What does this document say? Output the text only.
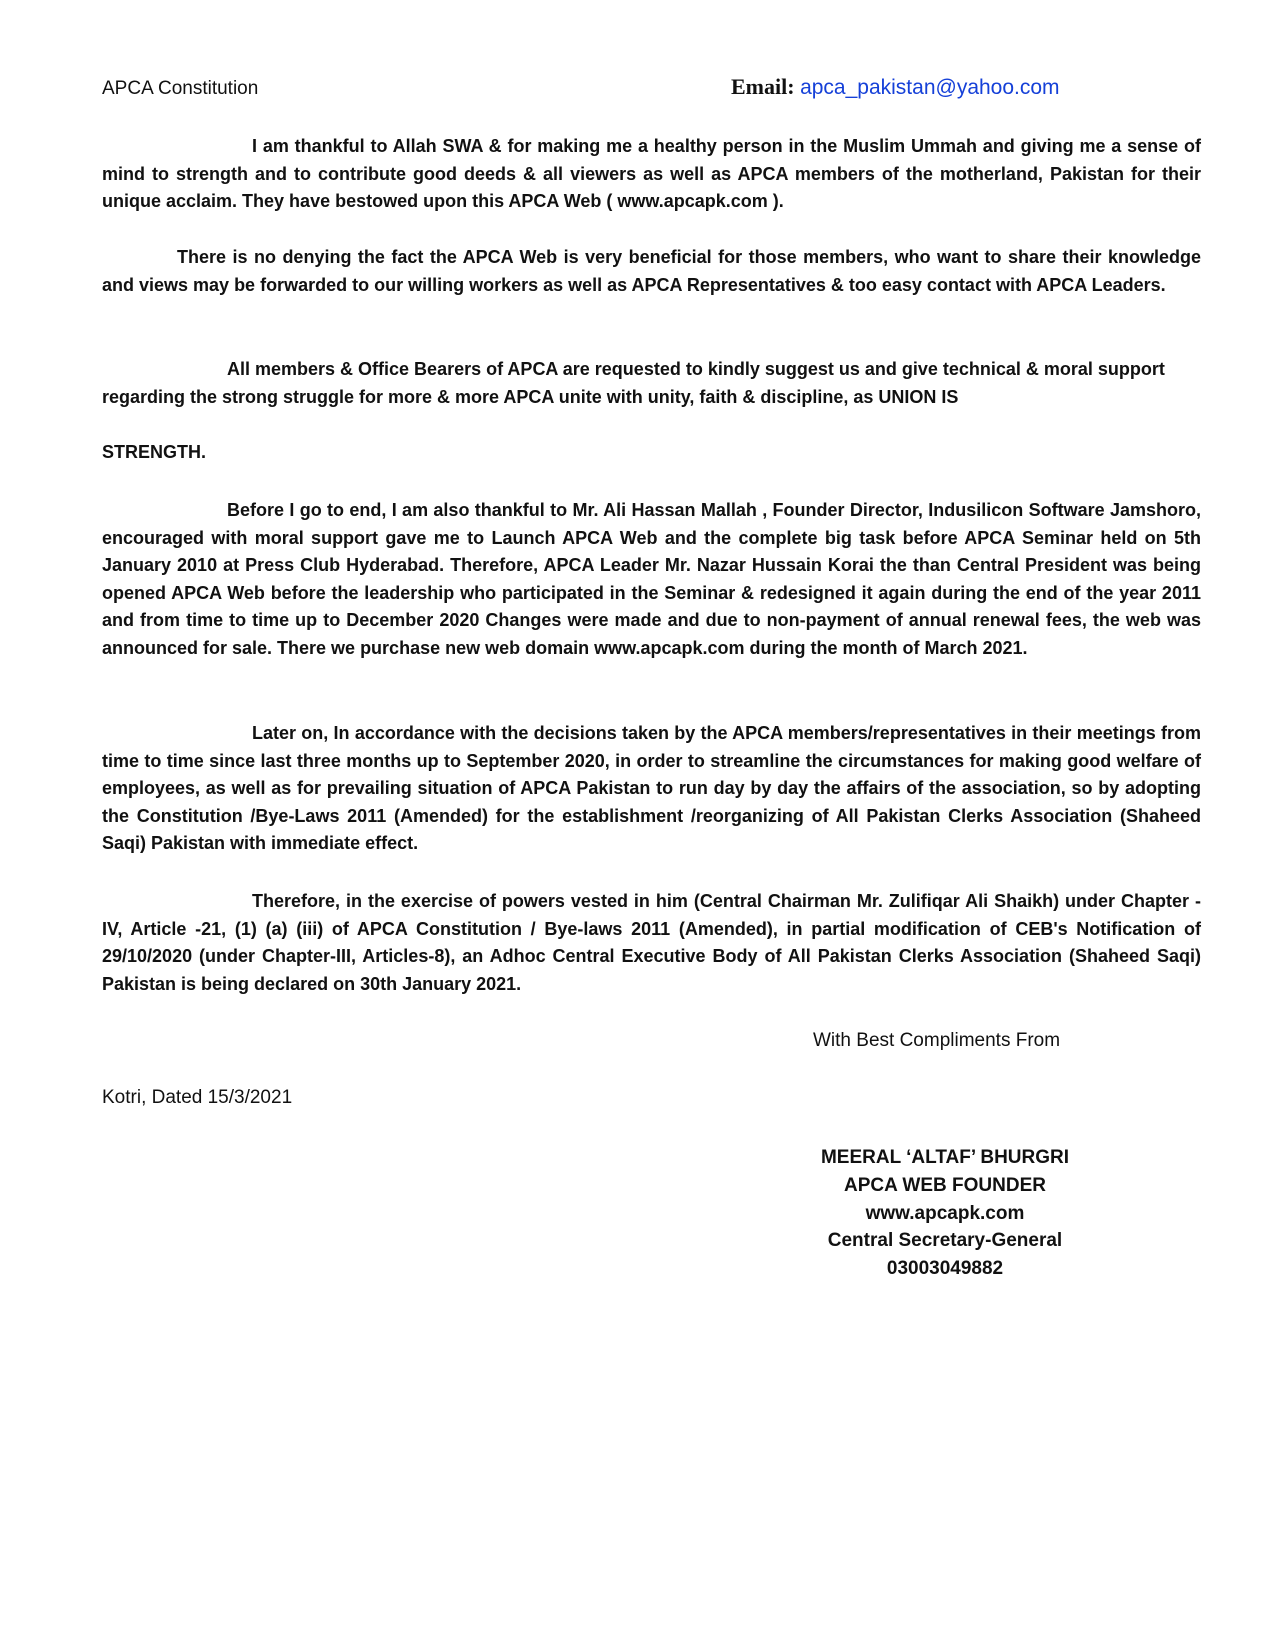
APCA Constitution	Email: apca_pakistan@yahoo.com

I am thankful to Allah SWA & for making me a healthy person in the Muslim Ummah and giving me a sense of mind to strength and to contribute good deeds & all viewers as well as APCA members of the motherland, Pakistan for their unique acclaim. They have bestowed upon this APCA Web ( www.apcapk.com ).

There is no denying the fact the APCA Web is very beneficial for those members, who want to share their knowledge and views may be forwarded to our willing workers as well as APCA Representatives & too easy contact with APCA Leaders.

All members & Office Bearers of APCA are requested to kindly suggest us and give technical & moral support regarding the strong struggle for more & more APCA unite with unity, faith & discipline, as UNION IS

STRENGTH.

Before I go to end, I am also thankful to Mr. Ali Hassan Mallah , Founder Director, Indusilicon Software Jamshoro, encouraged with moral support gave me to Launch APCA Web and the complete big task before APCA Seminar held on 5th January 2010 at Press Club Hyderabad. Therefore, APCA Leader Mr. Nazar Hussain Korai the than Central President was being opened APCA Web before the leadership who participated in the Seminar & redesigned it again during the end of the year 2011 and from time to time up to December 2020 Changes were made and due to non-payment of annual renewal fees, the web was announced for sale. There we purchase new web domain www.apcapk.com during the month of March 2021.

Later on, In accordance with the decisions taken by the APCA members/representatives in their meetings from time to time since last three months up to September 2020, in order to streamline the circumstances for making good welfare of employees, as well as for prevailing situation of APCA Pakistan to run day by day the affairs of the association, so by adopting the Constitution /Bye-Laws 2011 (Amended) for the establishment /reorganizing of All Pakistan Clerks Association (Shaheed Saqi) Pakistan with immediate effect.

Therefore, in the exercise of powers vested in him (Central Chairman Mr. Zulifiqar Ali Shaikh) under Chapter -IV, Article -21, (1) (a) (iii) of APCA Constitution / Bye-laws 2011 (Amended), in partial modification of CEB's Notification of 29/10/2020 (under Chapter-III, Articles-8), an Adhoc Central Executive Body of All Pakistan Clerks Association (Shaheed Saqi) Pakistan is being declared on 30th January 2021.

With Best Compliments From
Kotri, Dated 15/3/2021
MEERAL ‘ALTAF’ BHURGRI
APCA WEB FOUNDER
www.apcapk.com
Central Secretary-General
03003049882
